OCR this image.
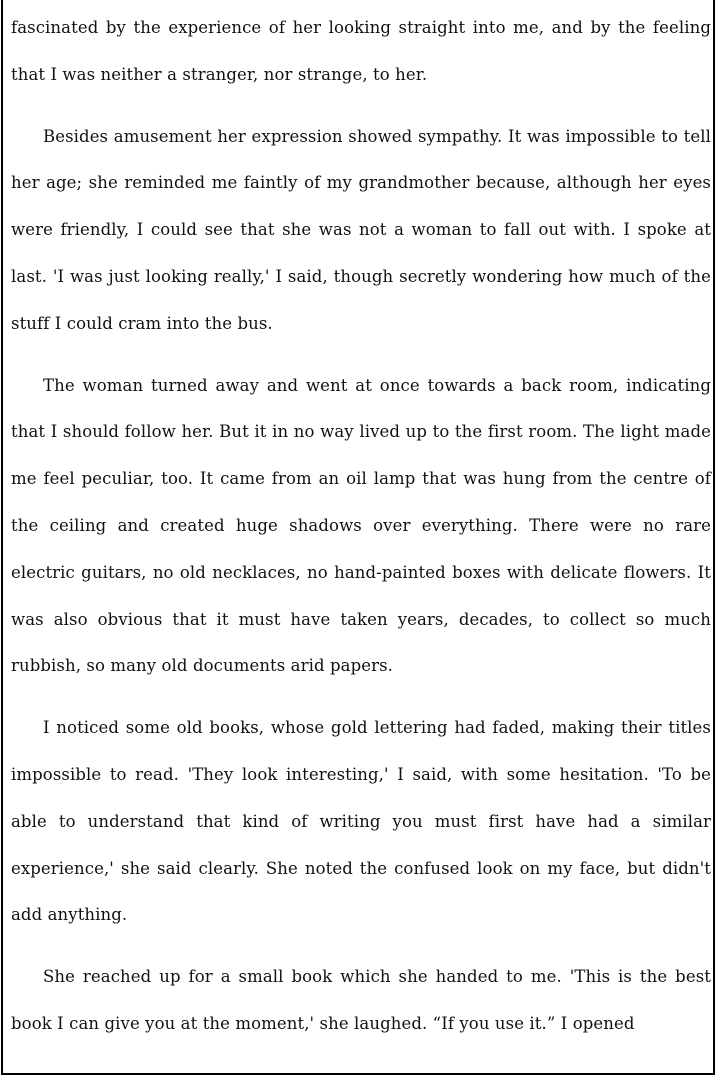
fascinated by the experience of her looking straight into me, and by the feeling that I was neither a stranger, nor strange, to her.

Besides amusement her expression showed sympathy. It was impossible to tell her age; she reminded me faintly of my grandmother because, although her eyes were friendly, I could see that she was not a woman to fall out with. I spoke at last. 'I was just looking really,' I said, though secretly wondering how much of the stuff I could cram into the bus.

The woman turned away and went at once towards a back room, indicating that I should follow her. But it in no way lived up to the first room. The light made me feel peculiar, too. It came from an oil lamp that was hung from the centre of the ceiling and created huge shadows over everything. There were no rare electric guitars, no old necklaces, no hand-painted boxes with delicate flowers. It was also obvious that it must have taken years, decades, to collect so much rubbish, so many old documents arid papers.

I noticed some old books, whose gold lettering had faded, making their titles impossible to read. 'They look interesting,' I said, with some hesitation. 'To be able to understand that kind of writing you must first have had a similar experience,' she said clearly. She noted the confused look on my face, but didn't add anything.

She reached up for a small book which she handed to me. 'This is the best book I can give you at the moment,' she laughed. “If you use it.” I opened
